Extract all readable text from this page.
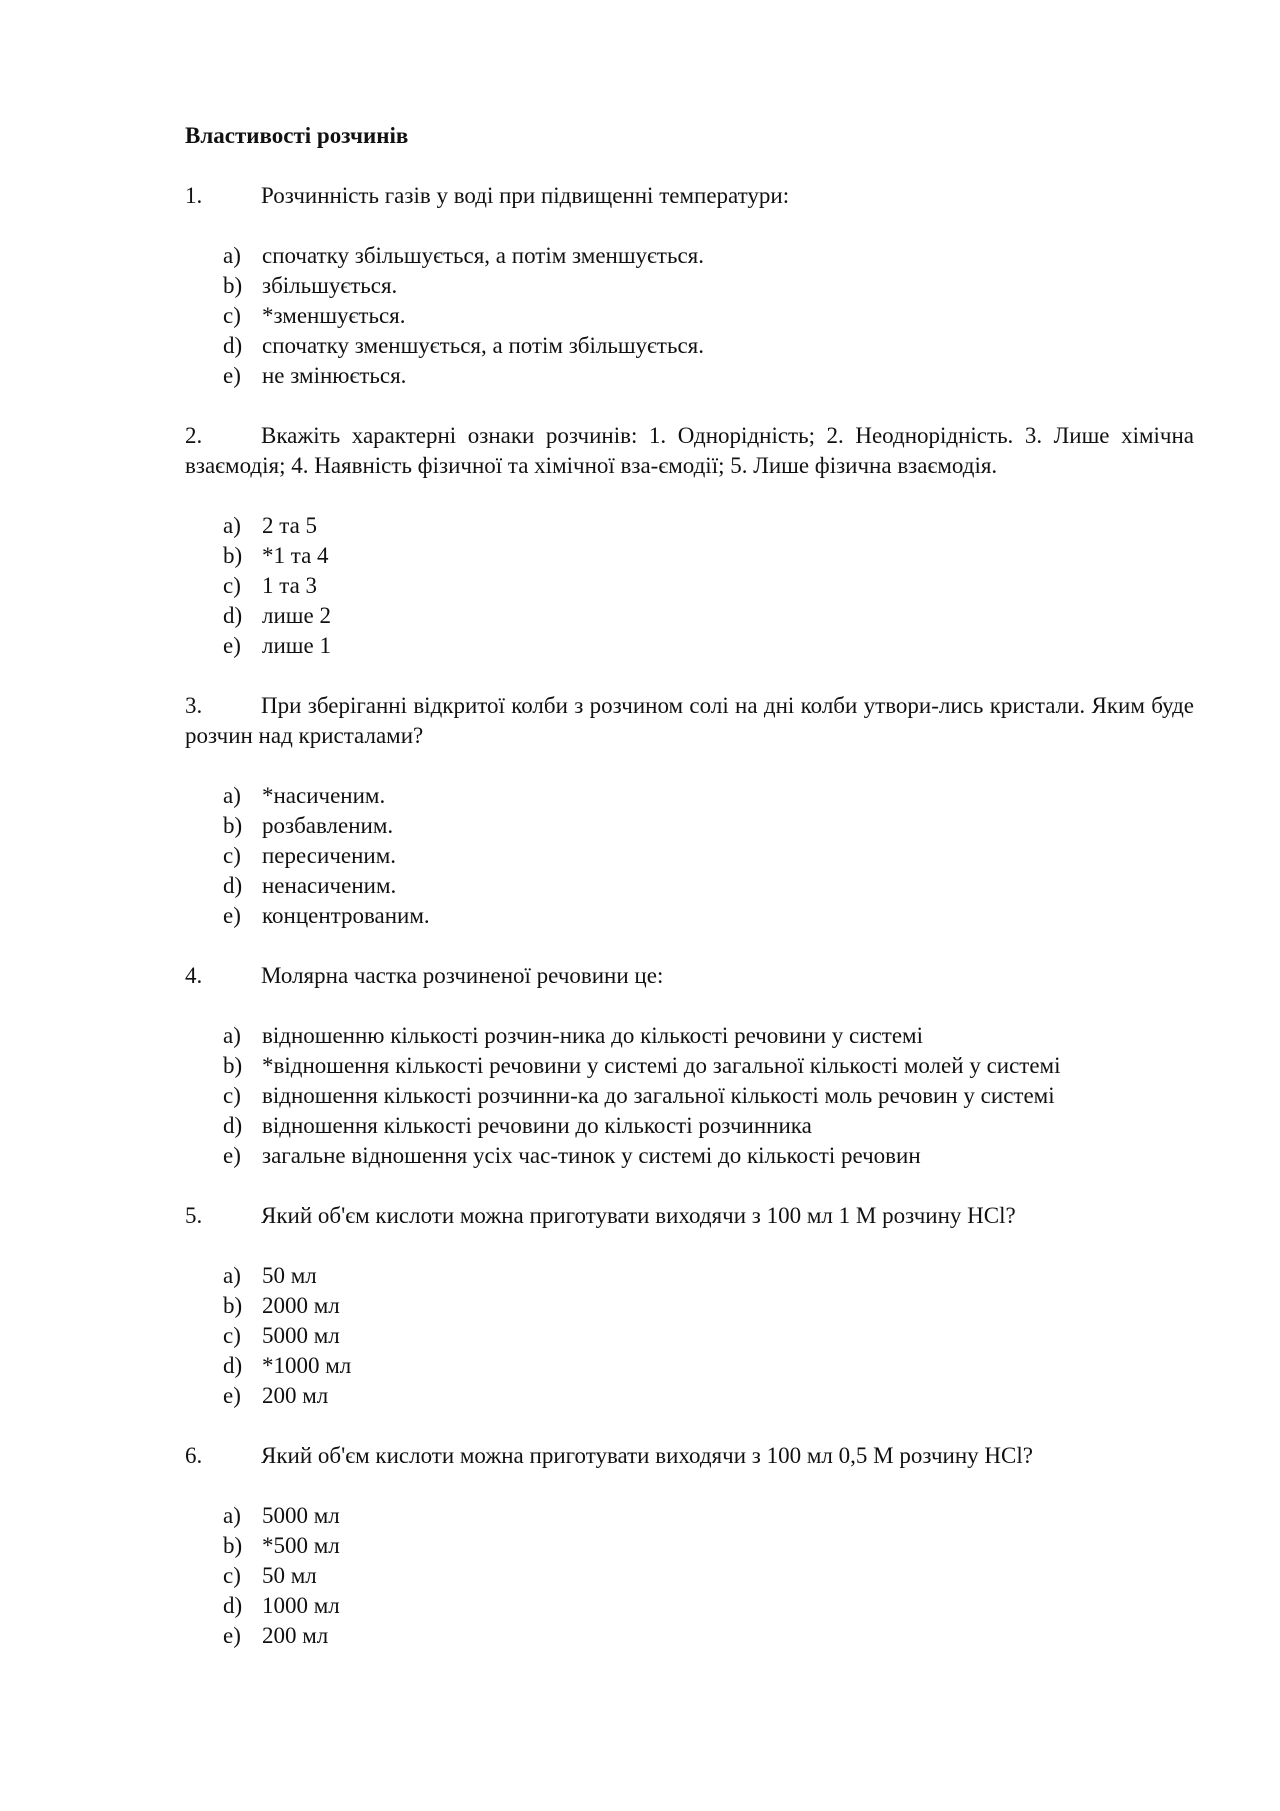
Властивості розчинів
1.	Розчинність газів у воді при підвищенні температури:
a) спочатку збільшується, а потім зменшується.
b) збільшується.
c) *зменшується.
d) спочатку зменшується, а потім збільшується.
e) не змінюється.
2.	Вкажіть характерні ознаки розчинів: 1. Однорідність; 2. Неоднорідність. 3. Лише хімічна взаємодія; 4. Наявність фізичної та хімічної вза-ємодії; 5. Лише фізична взаємодія.
a) 2 та 5
b) *1 та 4
c) 1 та 3
d) лише 2
e) лише 1
3.	При зберіганні відкритої колби з розчином солі на дні колби утвори-лись кристали. Яким буде розчин над кристалами?
a) *насиченим.
b) розбавленим.
c) пересиченим.
d) ненасиченим.
e) концентрованим.
4.	Молярна частка розчиненої речовини це:
a) відношенню кількості розчин-ника до кількості речовини у системі
b) *відношення кількості речовини у системі до загальної кількості молей у системі
c) відношення кількості розчинни-ка до загальної кількості моль речовин у системі
d) відношення кількості речовини до кількості розчинника
e) загальне відношення усіх час-тинок у системі до кількості речовин
5.	Який об'єм кислоти можна приготувати виходячи з 100 мл 1 М розчину HCl?
a) 50 мл
b) 2000 мл
c) 5000 мл
d) *1000 мл
e) 200 мл
6.	Який об'єм кислоти можна приготувати виходячи з 100 мл 0,5 М розчину HCl?
a) 5000 мл
b) *500 мл
c) 50 мл
d) 1000 мл
e) 200 мл
